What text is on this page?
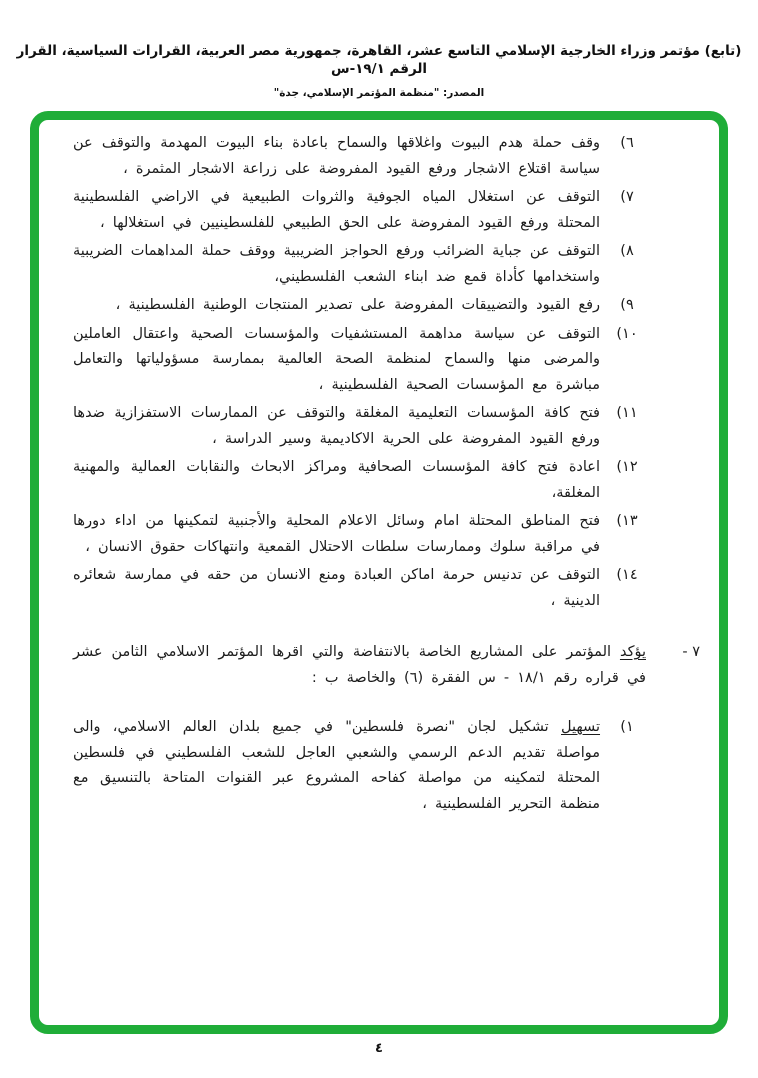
(تابع) مؤتمر وزراء الخارجية الإسلامي التاسع عشر، القاهرة، جمهورية مصر العربية، القرارات السياسية، القرار الرقم ١٩/١-س
المصدر: "منظمة المؤتمر الإسلامي، جدة"
(٦

وقف حملة هدم البيوت واغلاقها والسماح باعادة بناء البيوت المهدمة والتوقف عن سياسة اقتلاع الاشجار ورفع القيود المفروضة على زراعة الاشجار المثمرة ،

(٧

التوقف عن استغلال المياه الجوفية والثروات الطبيعية في الاراضي الفلسطينية المحتلة ورفع القيود المفروضة على الحق الطبيعي للفلسطينيين في استغلالها ،

(٨

التوقف عن جباية الضرائب ورفع الحواجز الضريبية ووقف حملة المداهمات الضريبية واستخدامها كأداة قمع ضد ابناء الشعب الفلسطيني،

(٩

رفع القيود والتضييقات المفروضة على تصدير المنتجات الوطنية الفلسطينية ،

(١٠

التوقف عن سياسة مداهمة المستشفيات والمؤسسات الصحية واعتقال العاملين والمرضى منها والسماح لمنظمة الصحة العالمية بممارسة مسؤولياتها والتعامل مباشرة مع المؤسسات الصحية الفلسطينية ،

(١١

فتح كافة المؤسسات التعليمية المغلقة والتوقف عن الممارسات الاستفزازية ضدها ورفع القيود المفروضة على الحرية الاكاديمية وسير الدراسة ،

(١٢

اعادة فتح كافة المؤسسات الصحافية ومراكز الابحاث والنقابات العمالية والمهنية المغلقة،

(١٣

فتح المناطق المحتلة امام وسائل الاعلام المحلية والأجنبية لتمكينها من اداء دورها في مراقبة سلوك وممارسات سلطات الاحتلال القمعية وانتهاكات حقوق الانسان ،

(١٤

التوقف عن تدنيس حرمة اماكن العبادة ومنع الانسان من حقه في ممارسة شعائره الدينية ،

٧ -

يؤكد المؤتمر على المشاريع الخاصة بالانتفاضة والتي اقرها المؤتمر الاسلامي الثامن عشر في قراره رقم ١٨/١ - س الفقرة (٦) والخاصة ب :

(١

تسهيل تشكيل لجان "نصرة فلسطين" في جميع بلدان العالم الاسلامي، والى مواصلة تقديم الدعم الرسمي والشعبي العاجل للشعب الفلسطيني في فلسطين المحتلة لتمكينه من مواصلة كفاحه المشروع عبر القنوات المتاحة بالتنسيق مع منظمة التحرير الفلسطينية ،

٤
